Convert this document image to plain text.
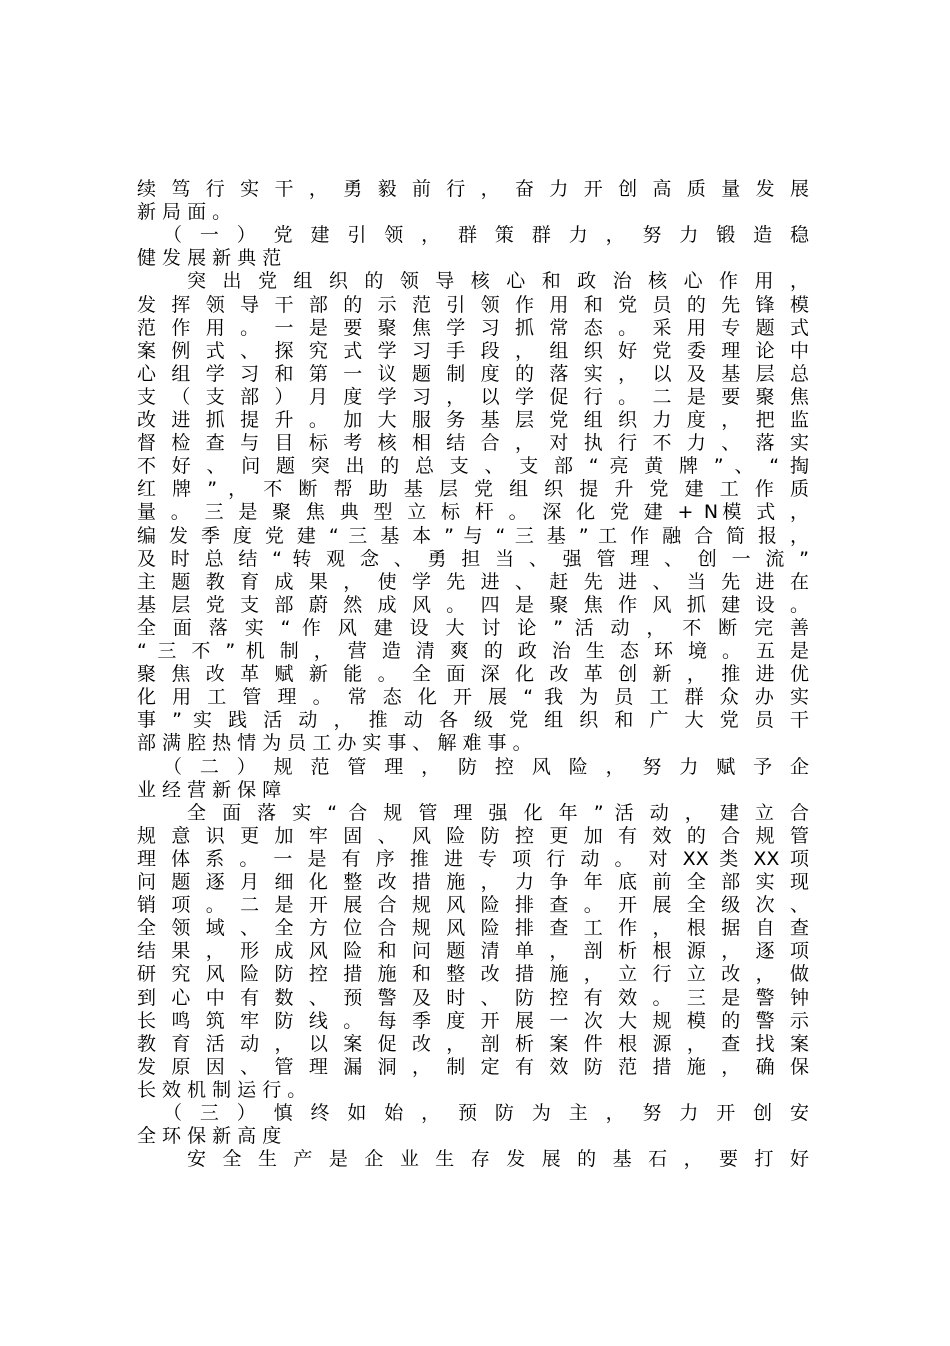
续 笃 行 实 干 ， 勇 毅 前 行 ， 奋 力 开 创 高 质 量 发 展
新 局 面 。
（ 一 ） 党 建 引 领 ， 群 策 群 力 ， 努 力 锻 造 稳
健 发 展 新 典 范
突 出 党 组 织 的 领 导 核 心 和 政 治 核 心 作 用 ，
发 挥 领 导 干 部 的 示 范 引 领 作 用 和 党 员 的 先 锋 模
范 作 用 。 一 是 要 聚 焦 学 习 抓 常 态 。 采 用 专 题 式
案 例 式 、 探 究 式 学 习 手 段 ， 组 织 好 党 委 理 论 中
心 组 学 习 和 第 一 议 题 制 度 的 落 实 ， 以 及 基 层 总
支 （ 支 部 ） 月 度 学 习 ， 以 学 促 行 。 二 是 要 聚 焦
改 进 抓 提 升 。 加 大 服 务 基 层 党 组 织 力 度 ， 把 监
督 检 查 与 目 标 考 核 相 结 合 ， 对 执 行 不 力 、 落 实
不 好 、 问 题 突 出 的 总 支 、 支 部 “ 亮 黄 牌 ” 、 “ 掏
红 牌 ” ， 不 断 帮 助 基 层 党 组 织 提 升 党 建 工 作 质
量 。 三 是 聚 焦 典 型 立 标 杆 。 深 化 党 建 + N模 式 ，
编 发 季 度 党 建 “ 三 基 本 ” 与 “ 三 基 ” 工 作 融 合 简 报 ，
及 时 总 结 “ 转 观 念 、 勇 担 当 、 强 管 理 、 创 一 流 ”
主 题 教 育 成 果 ， 使 学 先 进 、 赶 先 进 、 当 先 进 在
基 层 党 支 部 蔚 然 成 风 。 四 是 聚 焦 作 风 抓 建 设 。
全 面 落 实 “ 作 风 建 设 大 讨 论 ” 活 动 ， 不 断 完 善
“ 三 不 ” 机 制 ， 营 造 清 爽 的 政 治 生 态 环 境 。 五 是
聚 焦 改 革 赋 新 能 。 全 面 深 化 改 革 创 新 ， 推 进 优
化 用 工 管 理 。 常 态 化 开 展 “ 我 为 员 工 群 众 办 实
事 ” 实 践 活 动 ， 推 动 各 级 党 组 织 和 广 大 党 员 干
部 满 腔 热 情 为 员 工 办 实 事 、 解 难 事 。
（ 二 ） 规 范 管 理 ， 防 控 风 险 ， 努 力 赋 予 企
业 经 营 新 保 障
全 面 落 实 “ 合 规 管 理 强 化 年 ” 活 动 ， 建 立 合
规 意 识 更 加 牢 固 、 风 险 防 控 更 加 有 效 的 合 规 管
理 体 系 。 一 是 有 序 推 进 专 项 行 动 。 对 XX 类 XX 项
问 题 逐 月 细 化 整 改 措 施 ， 力 争 年 底 前 全 部 实 现
销 项 。 二 是 开 展 合 规 风 险 排 查 。 开 展 全 级 次 、
全 领 域 、 全 方 位 合 规 风 险 排 查 工 作 ， 根 据 自 查
结 果 ， 形 成 风 险 和 问 题 清 单 ， 剖 析 根 源 ， 逐 项
研 究 风 险 防 控 措 施 和 整 改 措 施 ， 立 行 立 改 ， 做
到 心 中 有 数 、 预 警 及 时 、 防 控 有 效 。 三 是 警 钟
长 鸣 筑 牢 防 线 。 每 季 度 开 展 一 次 大 规 模 的 警 示
教 育 活 动 ， 以 案 促 改 ， 剖 析 案 件 根 源 ， 查 找 案
发 原 因 、 管 理 漏 洞 ， 制 定 有 效 防 范 措 施 ， 确 保
长 效 机 制 运 行 。
（ 三 ） 慎 终 如 始 ， 预 防 为 主 ， 努 力 开 创 安
全 环 保 新 高 度
安 全 生 产 是 企 业 生 存 发 展 的 基 石 ， 要 打 好
